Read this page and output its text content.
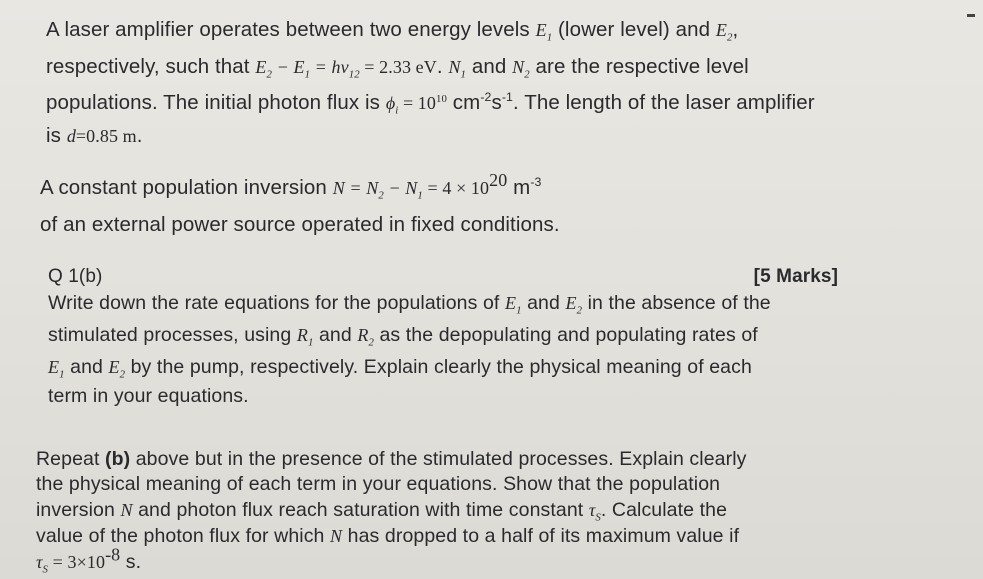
A laser amplifier operates between two energy levels $E_1$ (lower level) and $E_2$,
respectively, such that $E_2 - E_1 = h\nu_{12} = 2.33$ eV. $N_1$ and $N_2$ are the respective level
populations. The initial photon flux is $\phi_i = 10^{10}$ $cm^{-2}s^{-1}$. The length of the laser amplifier
is d=0.85 m.
A constant population inversion $N = N_2 - N_1 = 4 \times 10^{20}$ $m^{-3}$
of an external power source operated in fixed conditions.
Q 1(b)	[5 Marks]
Write down the rate equations for the populations of $E_1$ and $E_2$ in the absence of the
stimulated processes, using $R_1$ and $R_2$ as the depopulating and populating rates of
$E_1$ and $E_2$ by the pump, respectively. Explain clearly the physical meaning of each
term in your equations.
Repeat (b) above but in the presence of the stimulated processes. Explain clearly
the physical meaning of each term in your equations. Show that the population
inversion N and photon flux reach saturation with time constant $\tau_S$. Calculate the
value of the photon flux for which N has dropped to a half of its maximum value if
$\tau_S = 3\times 10^{-8}$ s.
